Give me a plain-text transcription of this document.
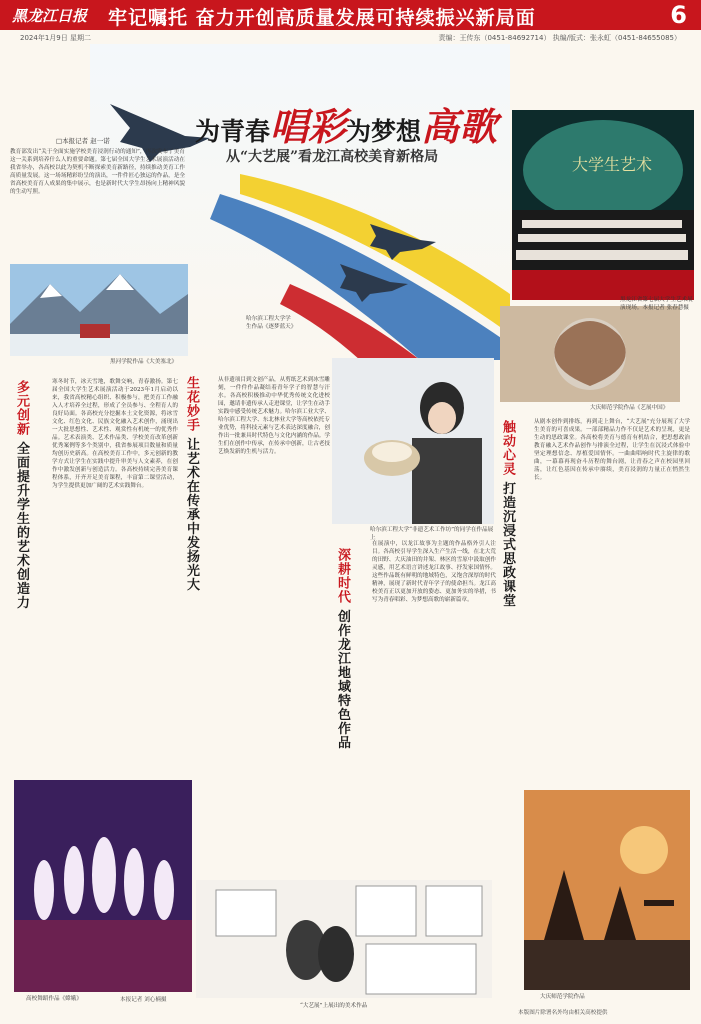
黑龙江日报 牢记嘱托 奋力开创高质量发展可持续振兴新局面	6
2024年1月9日 星期二	责编：王传东（0451-84692714） 执编/版式：张永虹（0451-84655085）
为青春唱彩为梦想高歌
从“大艺展”看龙江高校美育新格局	大学生艺术
□本报记者 赵一诺
教育部发出“关于全面实施学校美育浸润行动的通知”，再次发布了美育这一关系到培养什么人的重要命题。第七届全国大学生艺术展演活动在我省举办，各高校以此为契机不断探索美育新路径，持续推动美育工作高质量发展。这一场场精彩纷呈的演出，一件件匠心独运的作品，是全省高校美育育人成果的集中展示，也是新时代大学生昂扬向上精神风貌的生动写照。
黑河学院作品《大美塞北》
哈尔滨工程大学学生作品《逐梦蓝天》
多元创新 全面提升学生的艺术创造力
寒冬时节，冰天雪地，歌舞交响，青春激扬。第七届全国大学生艺术展演活动于2023年1月启动以来，我省高校精心组织、积极参与，把美育工作融入人才培养全过程，形成了全员参与、全程育人的良好局面。各高校充分挖掘本土文化资源，将冰雪文化、红色文化、民族文化融入艺术创作，涌现出一大批思想性、艺术性、观赏性有机统一的优秀作品。艺术表演类、艺术作品类、学校美育改革创新优秀案例等多个类别中，我省参展项目数量和质量均创历史新高。在高校美育工作中，多元创新的教学方式让学生在实践中提升审美与人文素养，在创作中激发创新与创造活力。各高校持续完善美育课程体系，开齐开足美育课程，丰富第二课堂活动，为学生提供更加广阔的艺术实践舞台。
生花妙手 让艺术在传承中发扬光大
从非遗项目到文创产品，从剪纸艺术到冰雪雕刻，一件件作品凝结着青年学子的智慧与汗水。各高校积极推动中华优秀传统文化进校园，邀请非遗传承人走进课堂，让学生在动手实践中感受传统艺术魅力。哈尔滨工业大学、哈尔滨工程大学、东北林业大学等高校依托专业优势，将科技元素与艺术表达深度融合，创作出一批兼具时代特色与文化内涵的作品。学生们在创作中传承，在传承中创新，让古老技艺焕发新的生机与活力。
哈尔滨工程大学“非遗艺术工作坊”的同学在作品展上
深耕时代 创作龙江地域特色作品
在展演中，以龙江故事为主题的作品格外引人注目。各高校引导学生深入生产生活一线，在北大荒的田野、大庆油田的井架、林区的雪原中汲取创作灵感，用艺术语言讲述龙江故事、抒发家国情怀。这些作品既有鲜明的地域特色，又饱含深厚的时代精神，展现了新时代青年学子的使命担当。龙江高校美育正以更加开放的姿态、更加务实的举措，书写为青春唱彩、为梦想高歌的崭新篇章。
大庆师范学院作品《艺展中国》
黑龙江省第七届大学生艺术展演现场。本报记者 张春慧摄
触动心灵 打造沉浸式思政课堂
从剧本创作到排练，再到走上舞台，“大艺展”充分展现了大学生美育的可喜成果。一部部精品力作不仅是艺术的呈现，更是生动的思政课堂。各高校将美育与德育有机结合，把思想政治教育融入艺术作品创作与排演全过程，让学生在沉浸式体验中坚定理想信念、厚植爱国情怀。一曲曲唱响时代主旋律的歌曲，一幕幕再现奋斗历程的舞台剧，让青春之声在校园里回荡，让红色基因在传承中赓续，美育浸润的力量正在悄然生长。
高校舞蹈作品《嫦娥》	本报记者 刘心楠摄
“大艺展”上展出的美术作品
大庆师范学院作品
本版图片除署名外均由相关高校提供
